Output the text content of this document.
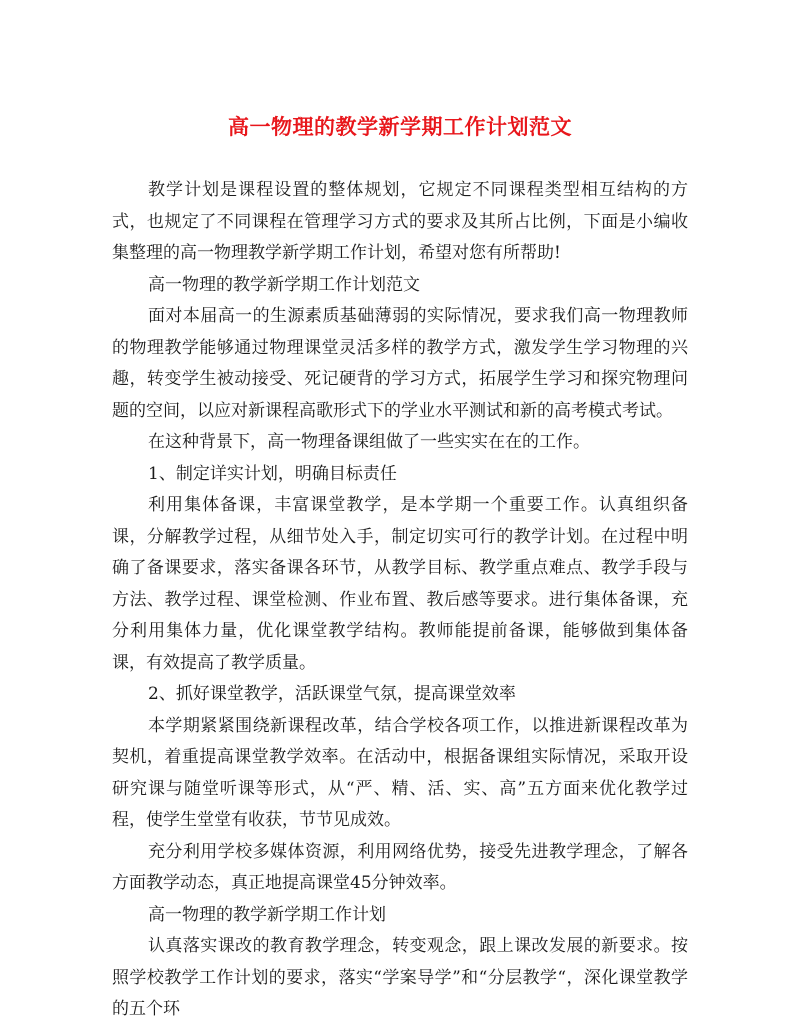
高一物理的教学新学期工作计划范文

教学计划是课程设置的整体规划，它规定不同课程类型相互结构的方式，也规定了不同课程在管理学习方式的要求及其所占比例，下面是小编收集整理的高一物理教学新学期工作计划，希望对您有所帮助!

高一物理的教学新学期工作计划范文

面对本届高一的生源素质基础薄弱的实际情况，要求我们高一物理教师的物理教学能够通过物理课堂灵活多样的教学方式，激发学生学习物理的兴趣，转变学生被动接受、死记硬背的学习方式，拓展学生学习和探究物理问题的空间，以应对新课程高歌形式下的学业水平测试和新的高考模式考试。

在这种背景下，高一物理备课组做了一些实实在在的工作。

1、制定详实计划，明确目标责任

利用集体备课，丰富课堂教学，是本学期一个重要工作。认真组织备课，分解教学过程，从细节处入手，制定切实可行的教学计划。在过程中明确了备课要求，落实备课各环节，从教学目标、教学重点难点、教学手段与方法、教学过程、课堂检测、作业布置、教后感等要求。进行集体备课，充分利用集体力量，优化课堂教学结构。教师能提前备课，能够做到集体备课，有效提高了教学质量。

2、抓好课堂教学，活跃课堂气氛，提高课堂效率

本学期紧紧围绕新课程改革，结合学校各项工作，以推进新课程改革为契机，着重提高课堂教学效率。在活动中，根据备课组实际情况，采取开设研究课与随堂听课等形式，从“严、精、活、实、高”五方面来优化教学过程，使学生堂堂有收获，节节见成效。

充分利用学校多媒体资源，利用网络优势，接受先进教学理念，了解各方面教学动态，真正地提高课堂45分钟效率。

高一物理的教学新学期工作计划

认真落实课改的教育教学理念，转变观念，跟上课改发展的新要求。按照学校教学工作计划的要求，落实“学案导学”和“分层教学“，深化课堂教学的五个环
